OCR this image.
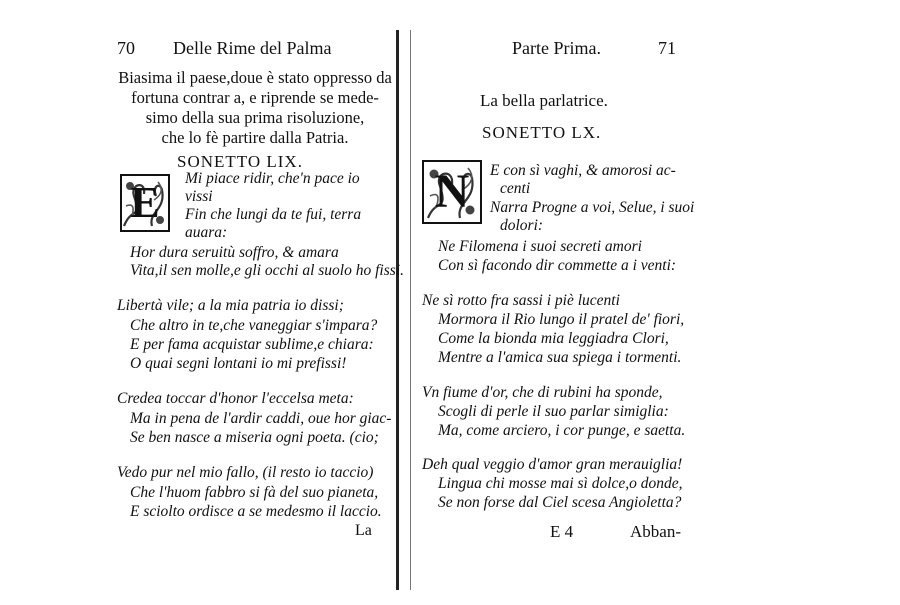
70 Delle Rime del Palma
Biasima il paese,doue è stato oppresso da
fortuna contrar a, e riprende se mede-
simo della sua prima risoluzione,
che lo fè partire dalla Patria.
SONETTO LIX.
E	Mi piace ridir, che'n pace io
vissi
Fin che lungi da te fui, terra
auara:
Hor dura seruitù soffro, & amara
Vita,il sen molle,e gli occhi al suolo ho fissi.
Libertà vile; a la mia patria io dissi;
Che altro in te,che vaneggiar s'impara?
E per fama acquistar sublime,e chiara:
O quai segni lontani io mi prefissi!
Credea toccar d'honor l'eccelsa meta:
Ma in pena de l'ardir caddi, oue hor giac-
Se ben nasce a miseria ogni poeta. (cio;
Vedo pur nel mio fallo, (il resto io taccio)
Che l'huom fabbro si fà del suo pianeta,
E sciolto ordisce a se medesmo il laccio.
La
Parte Prima.	71
La bella parlatrice.
SONETTO LX.
N	E con sì vaghi, & amorosi ac-
centi
Narra Progne a voi, Selue, i suoi
dolori:
Ne Filomena i suoi secreti amori
Con sì facondo dir commette a i venti:
Ne sì rotto fra sassi i piè lucenti
Mormora il Rio lungo il pratel de' fiori,
Come la bionda mia leggiadra Clori,
Mentre a l'amica sua spiega i tormenti.
Vn fiume d'or, che di rubini ha sponde,
Scogli di perle il suo parlar simiglia:
Ma, come arciero, i cor punge, e saetta.
Deh qual veggio d'amor gran merauiglia!
Lingua chi mosse mai sì dolce,o donde,
Se non forse dal Ciel scesa Angioletta?
E 4	Abban-
